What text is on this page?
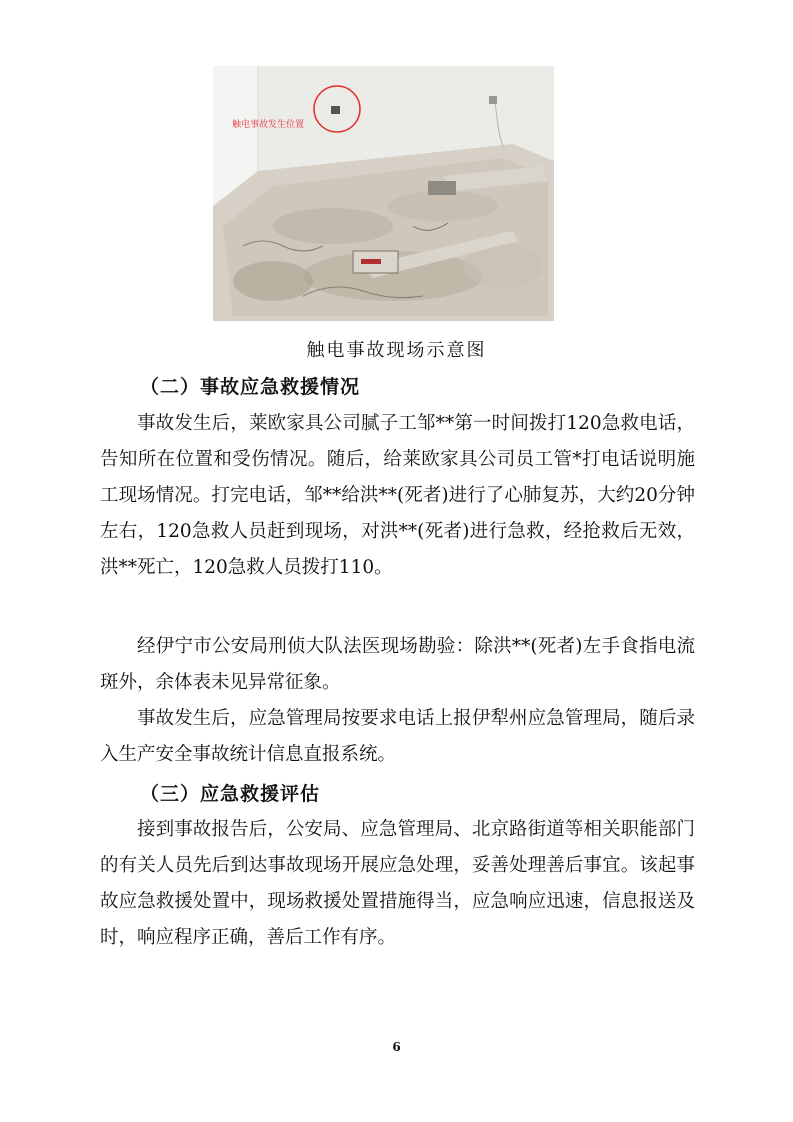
触电事故发生位置
触电事故现场示意图
（二）事故应急救援情况

事故发生后，莱欧家具公司腻子工邹**第一时间拨打120急救电话，告知所在位置和受伤情况。随后，给莱欧家具公司员工管*打电话说明施工现场情况。打完电话，邹**给洪**(死者)进行了心肺复苏，大约20分钟左右，120急救人员赶到现场，对洪**(死者)进行急救，经抢救后无效，洪**死亡，120急救人员拨打110。

经伊宁市公安局刑侦大队法医现场勘验：除洪**(死者)左手食指电流斑外，余体表未见异常征象。

事故发生后，应急管理局按要求电话上报伊犁州应急管理局，随后录入生产安全事故统计信息直报系统。

（三）应急救援评估

接到事故报告后，公安局、应急管理局、北京路街道等相关职能部门的有关人员先后到达事故现场开展应急处理，妥善处理善后事宜。该起事故应急救援处置中，现场救援处置措施得当，应急响应迅速，信息报送及时，响应程序正确，善后工作有序。

6
